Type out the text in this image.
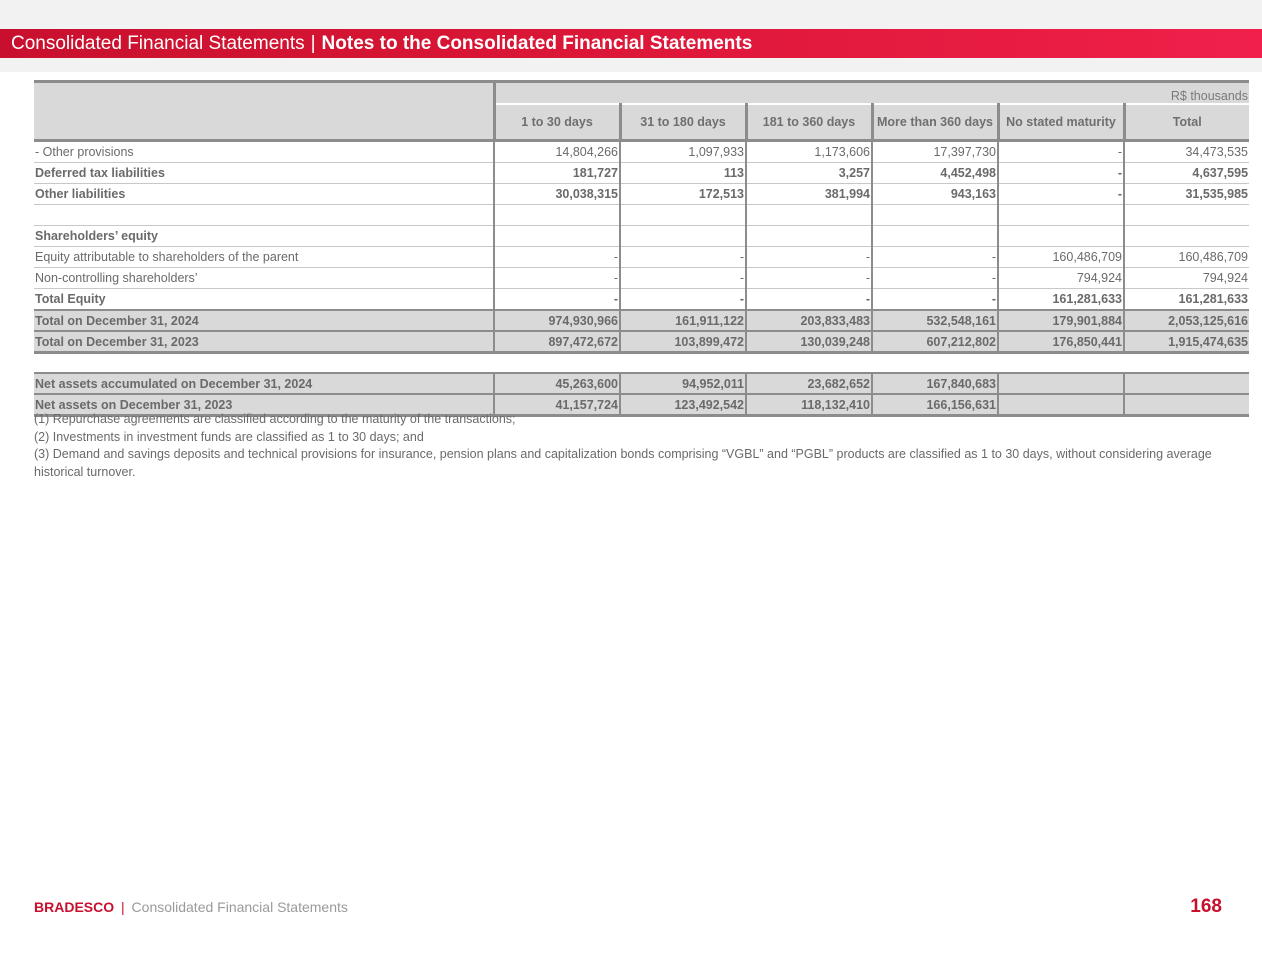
Consolidated Financial Statements | Notes to the Consolidated Financial Statements
	R$ thousands					
	1 to 30 days	31 to 180 days	181 to 360 days	More than 360 days	No stated maturity	Total
- Other provisions	14,804,266	1,097,933	1,173,606	17,397,730	-	34,473,535
Deferred tax liabilities	181,727	113	3,257	4,452,498	-	4,637,595
Other liabilities	30,038,315	172,513	381,994	943,163	-	31,535,985

Shareholders’ equity						
Equity attributable to shareholders of the parent	-	-	-	-	160,486,709	160,486,709
Non-controlling shareholders’	-	-	-	-	794,924	794,924
Total Equity	-	-	-	-	161,281,633	161,281,633
Total on December 31, 2024	974,930,966	161,911,122	203,833,483	532,548,161	179,901,884	2,053,125,616
Total on December 31, 2023	897,472,672	103,899,472	130,039,248	607,212,802	176,850,441	1,915,474,635

Net assets accumulated on December 31, 2024	45,263,600	94,952,011	23,682,652	167,840,683		
Net assets on December 31, 2023	41,157,724	123,492,542	118,132,410	166,156,631		

(1) Repurchase agreements are classified according to the maturity of the transactions;

(2) Investments in investment funds are classified as 1 to 30 days; and

(3) Demand and savings deposits and technical provisions for insurance, pension plans and capitalization bonds comprising “VGBL” and “PGBL” products are classified as 1 to 30 days, without considering average historical turnover.

BRADESCO | Consolidated Financial Statements	168
